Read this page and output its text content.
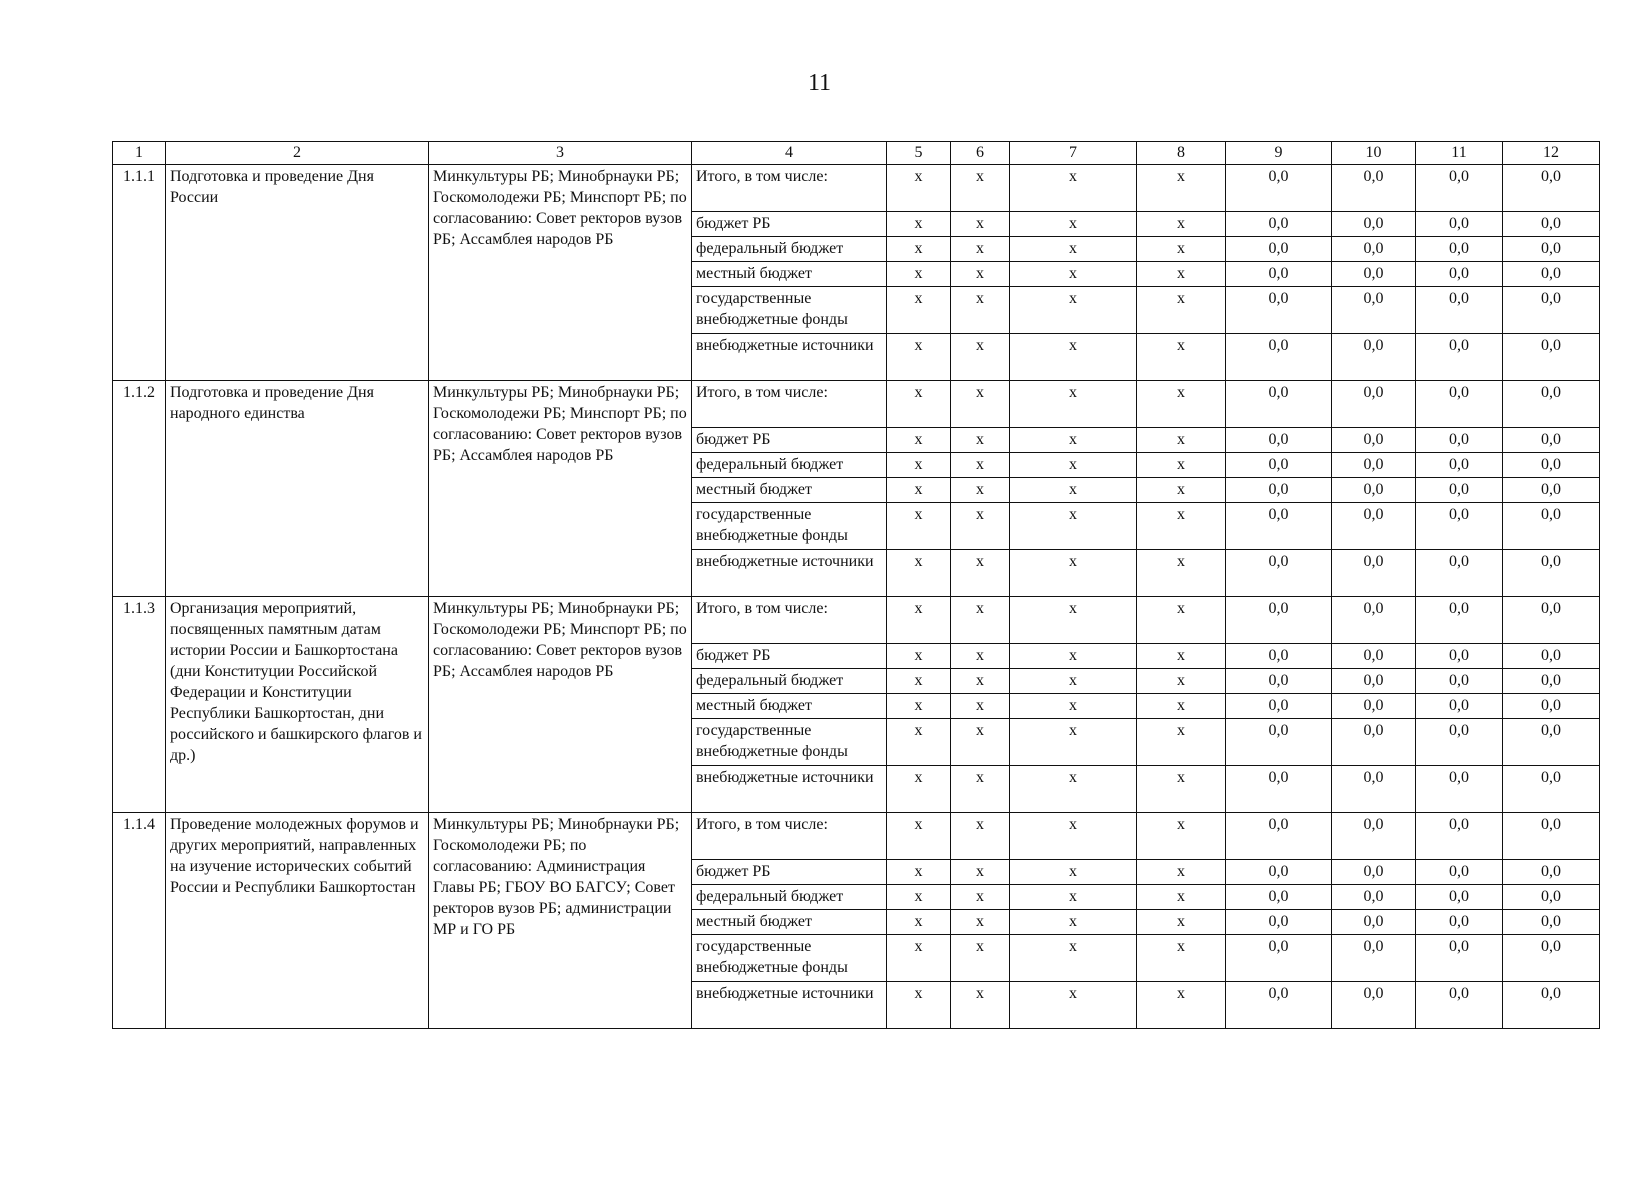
11
1	2	3	4	5	6	7	8	9	10	11	12
1.1.1	Подготовка и проведение Дня России	Минкультуры РБ; Минобрнауки РБ; Госкомолодежи РБ; Минспорт РБ; по согласованию: Совет ректоров вузов РБ; Ассамблея народов РБ	Итого, в том числе:	х	х	х	х	0,0	0,0	0,0	0,0
			бюджет РБ	х	х	х	х	0,0	0,0	0,0	0,0
			федеральный бюджет	х	х	х	х	0,0	0,0	0,0	0,0
			местный бюджет	х	х	х	х	0,0	0,0	0,0	0,0
			государственные внебюджетные фонды	х	х	х	х	0,0	0,0	0,0	0,0
			внебюджетные источники	х	х	х	х	0,0	0,0	0,0	0,0
1.1.2	Подготовка и проведение Дня народного единства	Минкультуры РБ; Минобрнауки РБ; Госкомолодежи РБ; Минспорт РБ; по согласованию: Совет ректоров вузов РБ; Ассамблея народов РБ	Итого, в том числе:	х	х	х	х	0,0	0,0	0,0	0,0
			бюджет РБ	х	х	х	х	0,0	0,0	0,0	0,0
			федеральный бюджет	х	х	х	х	0,0	0,0	0,0	0,0
			местный бюджет	х	х	х	х	0,0	0,0	0,0	0,0
			государственные внебюджетные фонды	х	х	х	х	0,0	0,0	0,0	0,0
			внебюджетные источники	х	х	х	х	0,0	0,0	0,0	0,0
1.1.3	Организация мероприятий, посвященных памятным датам истории России и Башкортостана (дни Конституции Российской Федерации и Конституции Республики Башкортостан, дни российского и башкирского флагов и др.)	Минкультуры РБ; Минобрнауки РБ; Госкомолодежи РБ; Минспорт РБ; по согласованию: Совет ректоров вузов РБ; Ассамблея народов РБ	Итого, в том числе:	х	х	х	х	0,0	0,0	0,0	0,0
			бюджет РБ	х	х	х	х	0,0	0,0	0,0	0,0
			федеральный бюджет	х	х	х	х	0,0	0,0	0,0	0,0
			местный бюджет	х	х	х	х	0,0	0,0	0,0	0,0
			государственные внебюджетные фонды	х	х	х	х	0,0	0,0	0,0	0,0
			внебюджетные источники	х	х	х	х	0,0	0,0	0,0	0,0
1.1.4	Проведение молодежных форумов и других мероприятий, направленных на изучение исторических событий России и Республики Башкортостан	Минкультуры РБ; Минобрнауки РБ; Госкомолодежи РБ; по согласованию: Администрация Главы РБ; ГБОУ ВО БАГСУ; Совет ректоров вузов РБ; администрации МР и ГО РБ	Итого, в том числе:	х	х	х	х	0,0	0,0	0,0	0,0
			бюджет РБ	х	х	х	х	0,0	0,0	0,0	0,0
			федеральный бюджет	х	х	х	х	0,0	0,0	0,0	0,0
			местный бюджет	х	х	х	х	0,0	0,0	0,0	0,0
			государственные внебюджетные фонды	х	х	х	х	0,0	0,0	0,0	0,0
			внебюджетные источники	х	х	х	х	0,0	0,0	0,0	0,0
